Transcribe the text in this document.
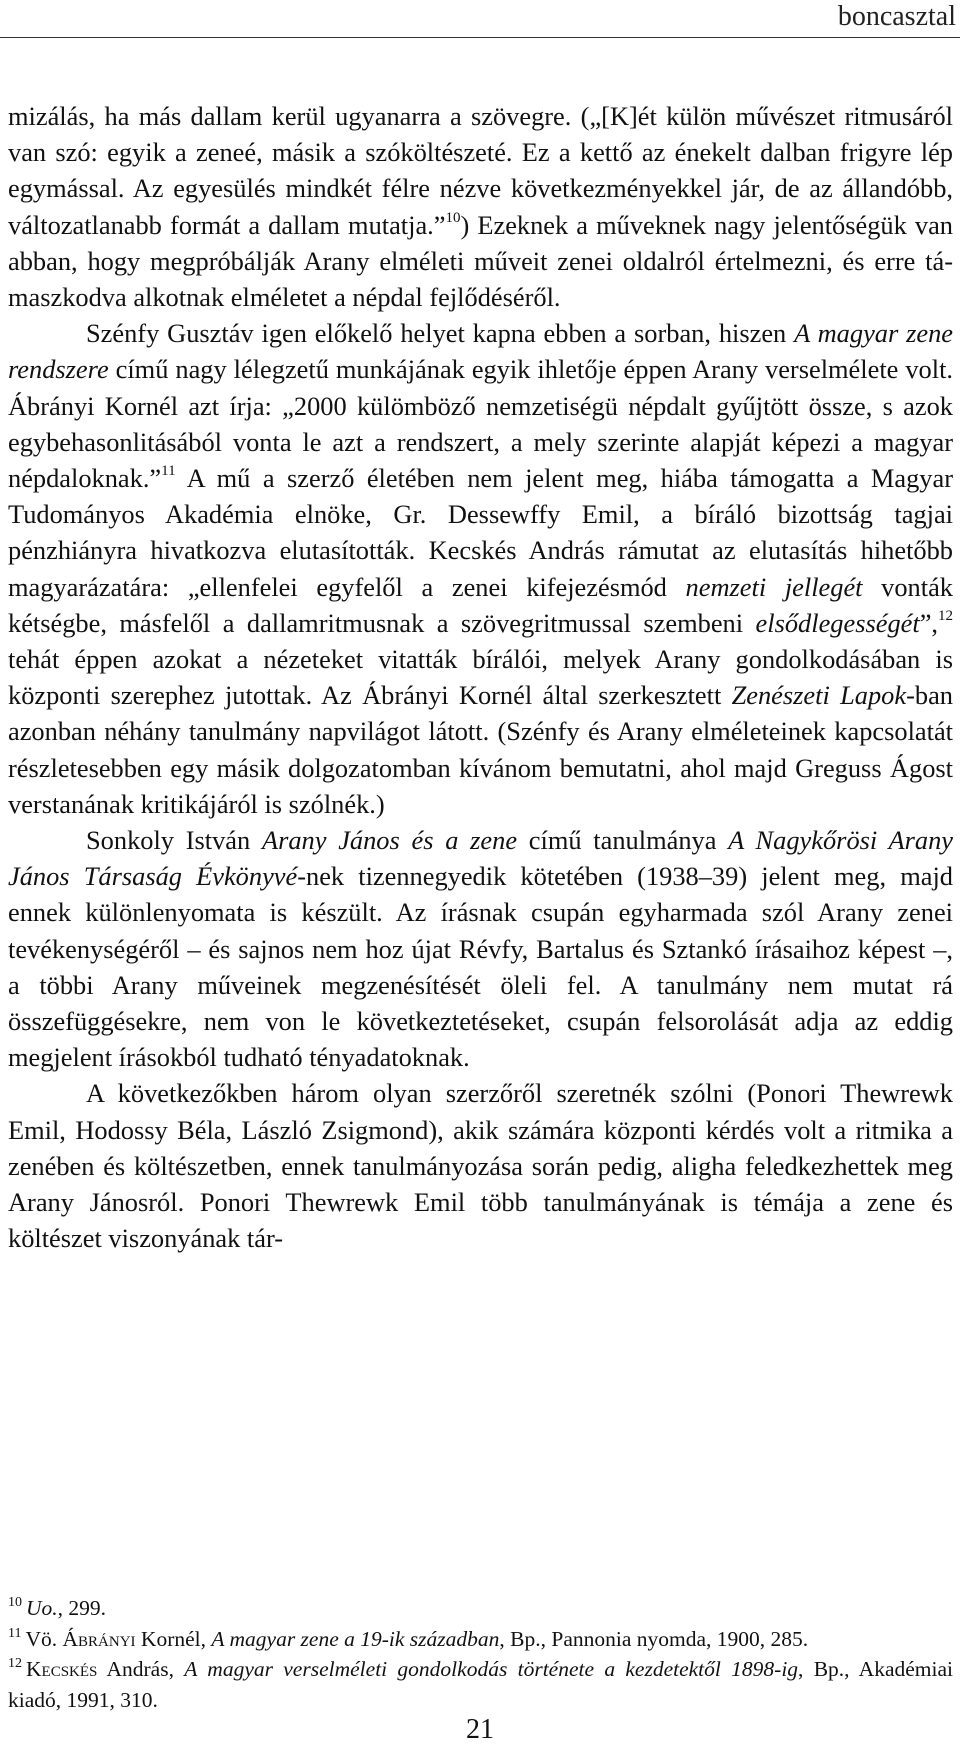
boncasztal

mizálás, ha más dallam kerül ugyanarra a szövegre. („[K]ét külön művészet ritmusáról van szó: egyik a zeneé, másik a szóköltészeté. Ez a kettő az énekelt dalban frigyre lép egymással. Az egyesülés mindkét félre nézve következményekkel jár, de az állandóbb, változatlanabb formát a dallam mutatja.”$^{10}$) Ezeknek a műveknek nagy jelentőségük van abban, hogy megpróbálják Arany elméleti műveit zenei oldalról értelmezni, és erre támaszkodva alkotnak elméletet a népdal fejlődéséről.

Szénfy Gusztáv igen előkelő helyet kapna ebben a sorban, hiszen A magyar zene rendszere című nagy lélegzetű munkájának egyik ihletője éppen Arany verselmélete volt. Ábrányi Kornél azt írja: „2000 külömböző nemzetiségü népdalt gyűjtött össze, s azok egybehasonlitásából vonta le azt a rendszert, a mely szerinte alapját képezi a magyar népdaloknak.”$^{11}$ A mű a szerző életében nem jelent meg, hiába támogatta a Magyar Tudományos Akadémia elnöke, Gr. Dessewffy Emil, a bíráló bizottság tagjai pénzhiányra hivatkozva elutasították. Kecskés András rámutat az elutasítás hihetőbb magyarázatára: „ellenfelei egyfelől a zenei kifejezésmód nemzeti jellegét vonták kétségbe, másfelől a dallamritmusnak a szövegritmussal szembeni elsődlegességét”,$^{12}$ tehát éppen azokat a nézeteket vitatták bírálói, melyek Arany gondolkodásában is központi szerephez jutottak. Az Ábrányi Kornél által szerkesztett Zenészeti Lapok-ban azonban néhány tanulmány napvilágot látott. (Szénfy és Arany elméleteinek kapcsolatát részletesebben egy másik dolgozatomban kívánom bemutatni, ahol majd Greguss Ágost verstanának kritikájáról is szólnék.)

Sonkoly István Arany János és a zene című tanulmánya A Nagykőrösi Arany János Társaság Évkönyvé-nek tizennegyedik kötetében (1938–39) jelent meg, majd ennek különlenyomata is készült. Az írásnak csupán egyharmada szól Arany zenei tevékenységéről – és sajnos nem hoz újat Révfy, Bartalus és Sztankó írásaihoz képest –, a többi Arany műveinek megzenésítését öleli fel. A tanulmány nem mutat rá összefüggésekre, nem von le következtetéseket, csupán felsorolását adja az eddig megjelent írásokból tudható tényadatoknak.

A következőkben három olyan szerzőről szeretnék szólni (Ponori Thewrewk Emil, Hodossy Béla, László Zsigmond), akik számára központi kérdés volt a ritmika a zenében és költészetben, ennek tanulmányozása során pedig, aligha feledkezhettek meg Arany Jánosról. Ponori Thewrewk Emil több tanulmányának is témája a zene és költészet viszonyának tár-

$^{10}$ Uo., 299.

$^{11}$ Vö. Ábrányi Kornél, A magyar zene a 19-ik században, Bp., Pannonia nyomda, 1900, 285.

$^{12}$ Kecskés András, A magyar verselméleti gondolkodás története a kezdetektől 1898-ig, Bp., Akadémiai kiadó, 1991, 310.

21
